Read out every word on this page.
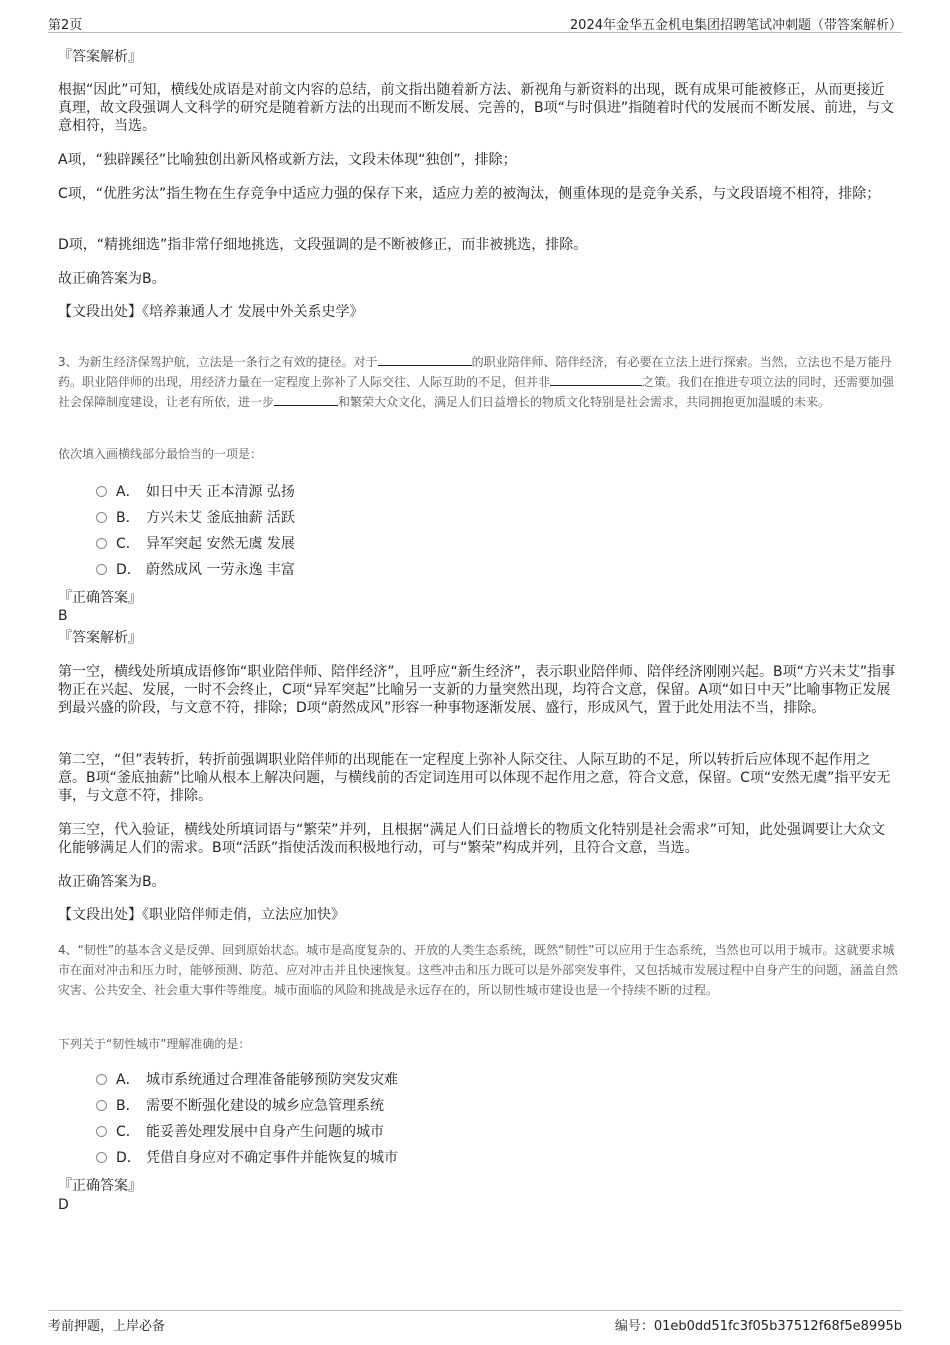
第2页	2024年金华五金机电集团招聘笔试冲刺题（带答案解析）
『答案解析』

根据“因此”可知，横线处成语是对前文内容的总结，前文指出随着新方法、新视角与新资料的出现，既有成果可能被修正，从而更接近真理，故文段强调人文科学的研究是随着新方法的出现而不断发展、完善的，B项“与时俱进”指随着时代的发展而不断发展、前进，与文意相符，当选。

A项，“独辟蹊径”比喻独创出新风格或新方法，文段未体现“独创”，排除；

C项，“优胜劣汰”指生物在生存竞争中适应力强的保存下来，适应力差的被淘汰，侧重体现的是竞争关系，与文段语境不相符，排除；

D项，“精挑细选”指非常仔细地挑选，文段强调的是不断被修正，而非被挑选，排除。

故正确答案为B。

【文段出处】《培养兼通人才 发展中外关系史学》

3、为新生经济保驾护航，立法是一条行之有效的捷径。对于	的职业陪伴师、陪伴经济，有必要在立法上进行探索。当然，立法也不是万能丹药。职业陪伴师的出现，用经济力量在一定程度上弥补了人际交往、人际互助的不足，但并非	之策。我们在推进专项立法的同时，还需要加强社会保障制度建设，让老有所依，进一步	和繁荣大众文化，满足人们日益增长的物质文化特别是社会需求，共同拥抱更加温暖的未来。

依次填入画横线部分最恰当的一项是：

A． 如日中天 正本清源 弘扬
B． 方兴未艾 釜底抽薪 活跃
C． 异军突起 安然无虞 发展
D． 蔚然成风 一劳永逸 丰富
『正确答案』
B
『答案解析』

第一空，横线处所填成语修饰“职业陪伴师、陪伴经济”，且呼应“新生经济”，表示职业陪伴师、陪伴经济刚刚兴起。B项“方兴未艾”指事物正在兴起、发展，一时不会终止，C项“异军突起”比喻另一支新的力量突然出现，均符合文意，保留。A项“如日中天”比喻事物正发展到最兴盛的阶段，与文意不符，排除；D项“蔚然成风”形容一种事物逐渐发展、盛行，形成风气，置于此处用法不当，排除。

第二空，“但”表转折，转折前强调职业陪伴师的出现能在一定程度上弥补人际交往、人际互助的不足，所以转折后应体现不起作用之意。B项“釜底抽薪”比喻从根本上解决问题，与横线前的否定词连用可以体现不起作用之意，符合文意，保留。C项“安然无虞”指平安无事，与文意不符，排除。

第三空，代入验证，横线处所填词语与“繁荣”并列，且根据“满足人们日益增长的物质文化特别是社会需求”可知，此处强调要让大众文化能够满足人们的需求。B项“活跃”指使活泼而积极地行动，可与“繁荣”构成并列，且符合文意，当选。

故正确答案为B。

【文段出处】《职业陪伴师走俏，立法应加快》

4、“韧性”的基本含义是反弹、回到原始状态。城市是高度复杂的、开放的人类生态系统，既然“韧性”可以应用于生态系统，当然也可以用于城市。这就要求城市在面对冲击和压力时，能够预测、防范、应对冲击并且快速恢复。这些冲击和压力既可以是外部突发事件，又包括城市发展过程中自身产生的问题，涵盖自然灾害、公共安全、社会重大事件等维度。城市面临的风险和挑战是永远存在的，所以韧性城市建设也是一个持续不断的过程。

下列关于“韧性城市”理解准确的是：

A． 城市系统通过合理准备能够预防突发灾难
B． 需要不断强化建设的城乡应急管理系统
C． 能妥善处理发展中自身产生问题的城市
D． 凭借自身应对不确定事件并能恢复的城市
『正确答案』
D
考前押题，上岸必备	编号：01eb0dd51fc3f05b37512f68f5e8995b
